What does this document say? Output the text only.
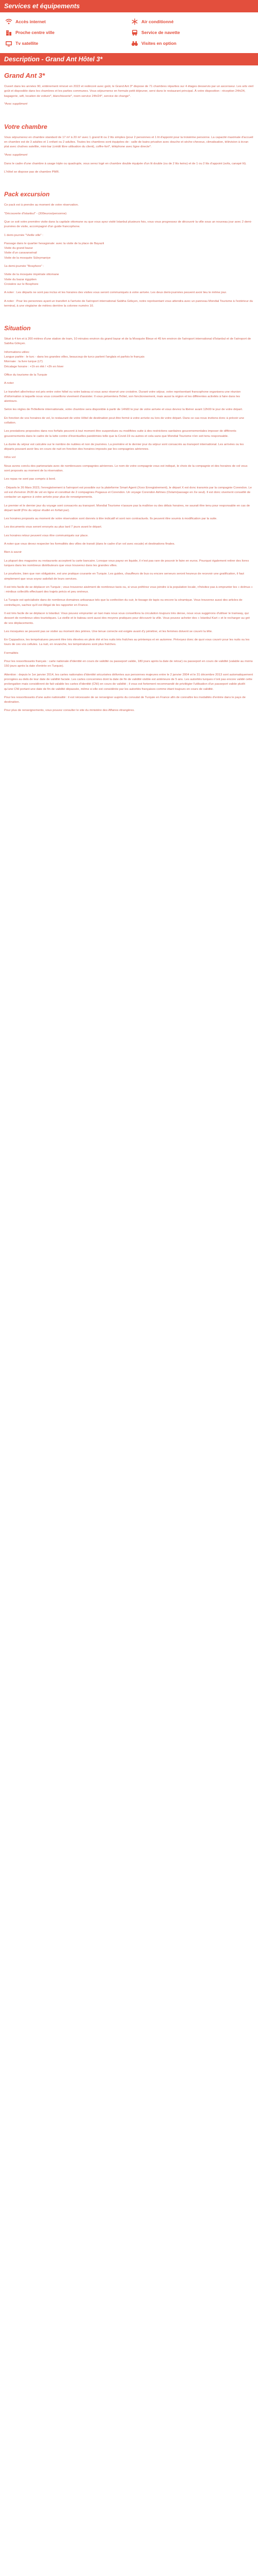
Services et équipements
Accès internet	Air conditionné
Proche centre ville	Service de navette
Tv satellite	Visites en option
Description - Grand Ant Hôtel 3*
Grand Ant 3*

Ouvert dans les années 90, entièrement rénové en 2022 et redécoré avec goût, le Grand Ant 3* dispose de 71 chambres réparties sur 4 étages desservis par un ascenseur. Les arts vieil goût et disposible dans les chambres et les parties communes. Vous séjournerez en formule petit déjeuner, servi dans le restaurant principal. À votre disposition : réception 24h/24, bagagerie, wifi, location de voiture*, blanchisserie*, room service 24h/24*, service de change*.

*Avec supplément

Votre chambre

Vous séjournerez en chambre standard de 17 m² à 20 m² avec 1 grand lit ou 2 lits simples (pour 2 personnes et 1 lit d'appoint pour la troisième personne. La capacité maximale d'accueil en chambre est de 3 adultes et 1 enfant ou 2 adultes. Toutes les chambres sont équipées de : salle de bains privative avec douche et sèche-cheveux, climatisation, télévision à écran plat avec chaînes satellite, mini-bar (crédit libre utilisation du client), coffre-fort*, téléphone avec ligne directe*.

*Avec supplément

Dans le cadre d'une chambre à usage triple ou quadruple, vous serez logé en chambre double équipée d'un lit double (ou de 2 lits twins) et de 1 ou 2 lits d'appoint (sofa, canapé lit).

L'hôtel se dispose pas de chambre PMR.

Pack excursion

Ce pack est à prendre au moment de votre réservation.

"Découverte d'Istanbul" - (300euros/personne)

Que ce soit votre première visite dans la capitale ottomane ou que vous ayez visité Istanbul plusieurs fois, vous vous progressez de découvrir la ville sous un nouveau jour avec 2 demi-journées de visite, accompagné d'un guide francophone.

1 demi-journée "Vieille ville" :

Passage dans le quartier hexagonale: avec la visite de la place de Bayazit
Visite du grand bazar
Visite d'un caravansérail
Visite de la mosquée Süleymaniye

1a demi-journée "Bosphore" :

Visite de la mosquée impériale ottomane
Visite du bazar égyptien
Croisière sur le Bosphore

A noter : Les départs ne sont pas inclus et les horaires des visites vous seront communiqués à votre arrivée. Les deux demi-journées peuvent avoir lieu le même jour.

A noter : Pour les personnes ayant un transfert à l'arrivée de l'aéroport international Sabiha Gökçen, notre représentant vous attendra avec un panneau Mondial Tourisme à l'extérieur du terminal, à une vingtaine de mètres derrière la colonne numéro 10.

Situation

Situé à 4 km et à 200 mètres d'une station de tram, 10 minutes environ du grand bazar et de la Mosquée Bleue et 45 km environ de l'aéroport international d'Istanbul et de l'aéroport de Sabiha Gökçen.

Informations utiles:
Langue parlée : le turc - dans les grandes villes, beaucoup de turcs parlent l'anglais et parfois le français
Monnaie : la livre turque (LT)
Décalage horaire : +1h en été / +2h en hiver

Office du tourisme de la Turquie

A noter

Le transfert aller/retour est pris entre votre hôtel ou votre bateau si vous avez réservé une croisière. Durant votre séjour, votre représentant francophone organisera une réunion d'information à laquelle nous vous conseillons vivement d'assister. Il vous présentera l'hôtel, son fonctionnement, mais aussi la région et les différentes activités à faire dans les alentours.

Selon les règles de l'hôtellerie internationale, votre chambre sera disponible à partir de 14h00 le jour de votre arrivée et vous devrez la libérer avant 12h00 le jour de votre départ.

En fonction de vos horaires de vol, le restaurant de votre Hôtel de destination peut être fermé à votre arrivée ou lors de votre départ. Dans ce cas nous invitons donc à prévoir une collation.

Les prestations proposées dans nos forfaits peuvent à tout moment être suspendues ou modifiées suite à des restrictions sanitaires gouvernementales imposer de différents gouvernements dans le cadre de la lutte contre d'éventuelles pandémies telle que la Covid-19 ou autres et cela sans que Mondial Tourisme n'en soit tenu responsable.

La durée du séjour est calculée sur le nombre de nuitées et non de journées. La première et le dernier jour du séjour sont consacrés au transport international. Les arrivées ou les départs pouvant avoir lieu en cours de nuit en fonction des horaires imposés par les compagnies aériennes.

Infos vol

Nous avons conclu des partenariats avec de nombreuses compagnies aériennes. Le nom de votre compagnie vous est indiqué, le choix de la compagnie et des horaires de vol vous sont proposés au moment de la réservation.

Les repas ne sont pas compris à bord.

- Départs le 26 Mars 2023, l'enregistrement à l'aéroport est possible sur la plateforme Smart Agent (Xxxx Enregistrement), le départ X est donc transmis par la compagnie Corendon. Le vol est d'environ 2h30 de vol en ligne et constitué de 2 compagnies Pegasus et Corendon. Un voyage Corendon Airlines (Oslam/passage en Xe seul). Il est donc vivement conseillé de contacter un agence à votre arrivée pour plus de renseignements.

Le premier et le dernier jour du voyage sont consacrés au transport. Mondial Tourisme n'assure pas la maîtrise ou des délais horaires, ne saurait être tenu pour responsable en cas de départ tardif (Prix du séjour étudié en forfait par).

Les horaires proposés au moment de votre réservation sont donnés à titre indicatif et sont non contractuels. Ils peuvent être soumis à modification par la suite.

Les documents vous seront envoyés au plus tard 7 jours avant le départ.

Les horaires retour peuvent vous être communiqués sur place.

A noter que vous devez respecter les formalités des villes de transit (dans le cadre d'un vol avec escale) et destinations finales.

Bien à savoir

La plupart des magasins ou restaurants acceptent la carte bancaire. Lorsque vous payez en liquide, il n'est pas rare de pouvoir le faire en euros. Pourquoi également retirer des livres turques dans les nombreux distributeurs que vous trouverez dans les grandes villes.

Le pourboire, bien que non obligatoire, est une pratique courante en Turquie. Les guides, chauffeurs de bus ou encore serveurs seront heureux de recevoir une gratification, il faut simplement que vous soyez satisfait de leurs services.

Il est très facile de se déplacer en Turquie ; vous trouverez aisément de nombreux taxis ou, si vous préférez vous joindre à la population locale, n'hésitez pas à emprunter les « dolmus » : minibus collectifs effectuant des trajets précis et peu onéreux.

La Turquie est spécialisée dans de nombreux domaines artisanaux tels que la confection du cuir, le tissage de tapis ou encore la céramique. Vous trouverez aussi des articles de contrefaçon, sachez qu'il est illégal de les rapporter en France.

Il est très facile de se déplacer à Istanbul. Vous pouvez emprunter un taxi mais nous vous conseillons la circulation toujours très dense, nous vous suggérons d'utiliser le tramway, qui dessert de nombreux sites touristiques. La vieille et le bateau sont aussi des moyens pratiques pour découvrir la ville. Vous pouvez acheter des « Istanbul Kart » et le recharger au gré de vos déplacements.

Les mosquées se peuvent pas se visiter au moment des prières. Une tenue correcte est exigée avant d'y pénétrer, et les femmes doivent se couvrir la tête.

En Cappadoce, les températures peuvent être très élevées en plein été et les nuits très fraîches au printemps et en automne. Prévoyez donc de quoi vous couvrir pour les nuits ou les tours de ces vos cellules. La nuit, en revanche, les températures sont plus fraîches.

Formalités

Pour les ressortissants français : carte nationale d'identité en cours de validité ou passeport valide, 180 jours après la date de retour) ou passeport en cours de validité (valable au moins 150 jours après la date d'entrée en Turquie).

Attention : depuis le 1er janvier 2014, les cartes nationales d'identité sécurisées délivrées aux personnes majeures entre le 2 janvier 2004 et le 31 décembre 2013 sont automatiquement prorogées au delà de leur date de validité faciale. Les cartes concernées dont la date de fin de validité visible est antérieure de 5 ans. Les autorités turques n'ont pas encore validé cette prolongation mais considèrent de fait valable les cartes d'identité (CNI) en cours de validité ; il vous est fortement recommandé de privilégier l'utilisation d'un passeport valide plutôt qu'une CNI portant une date de fin de validité dépassée, même si elle est considérée par les autorités françaises comme étant toujours en cours de validité.

Pour les ressortissants d'une autre nationalité : il est nécessaire de se renseigner auprès du consulat de Turquie en France afin de connaître les modalités d'entrée dans le pays de destination.

Pour plus de renseignements, vous pouvez consulter le site du ministère des Affaires étrangères.
